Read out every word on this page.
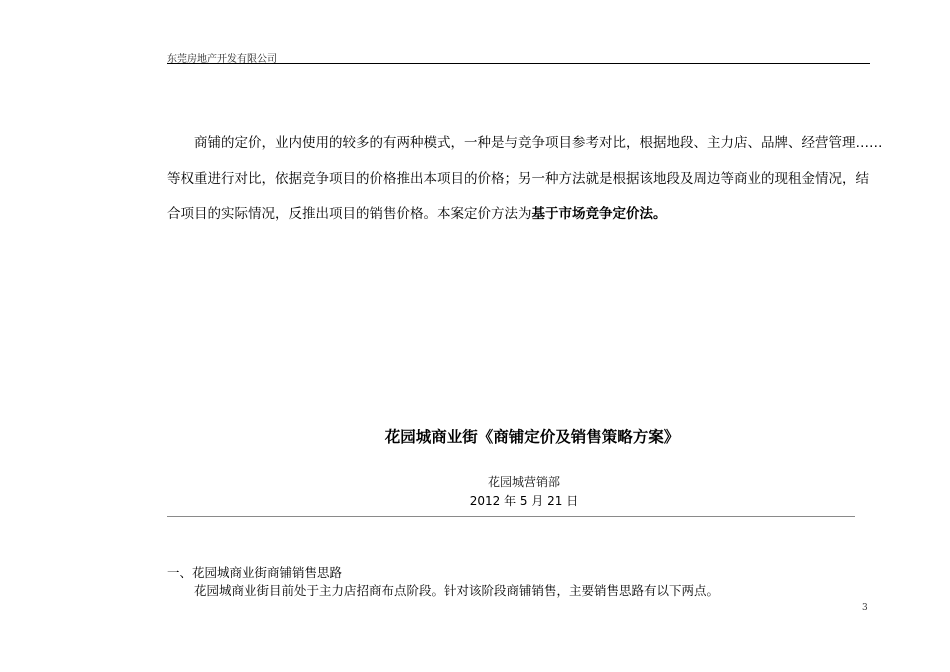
东莞房地产开发有限公司
商铺的定价，业内使用的较多的有两种模式，一种是与竞争项目参考对比，根据地段、主力店、品牌、经营管理……
等权重进行对比，依据竞争项目的价格推出本项目的价格；另一种方法就是根据该地段及周边等商业的现租金情况，结
合项目的实际情况，反推出项目的销售价格。本案定价方法为基于市场竞争定价法。
花园城商业街《商铺定价及销售策略方案》
花园城营销部
2012 年 5 月 21 日
一、花园城商业街商铺销售思路
花园城商业街目前处于主力店招商布点阶段。针对该阶段商铺销售，主要销售思路有以下两点。
3
